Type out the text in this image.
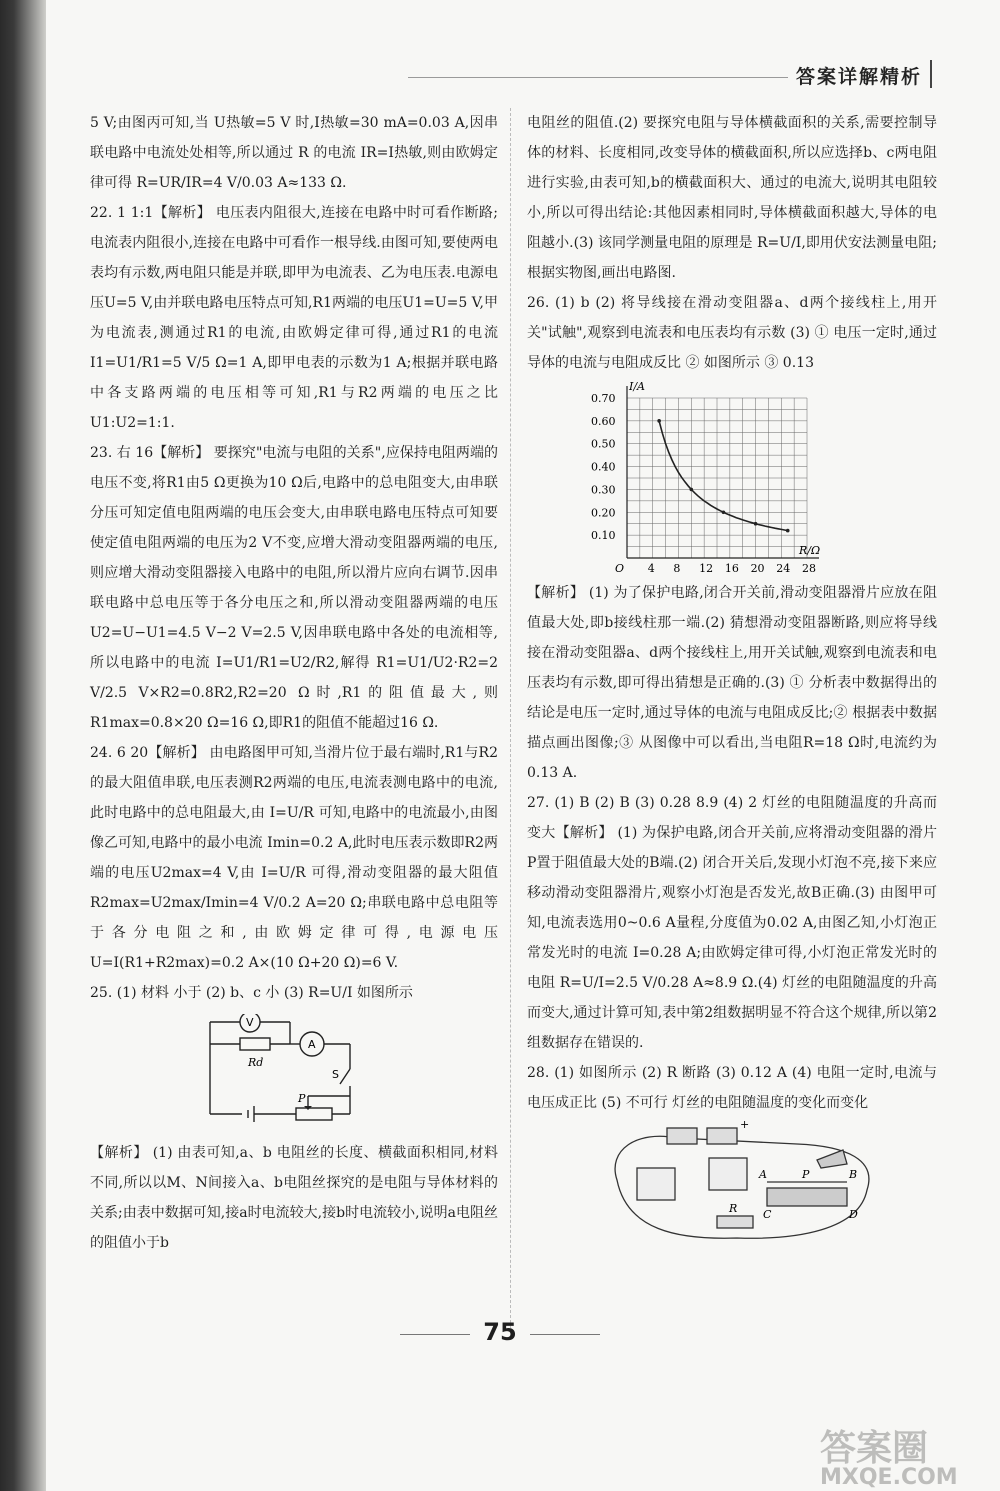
答案详解精析

5 V;由图丙可知,当 U热敏=5 V 时,I热敏=30 mA=0.03 A,因串联电路中电流处处相等,所以通过 R 的电流 IR=I热敏,则由欧姆定律可得 R=UR/IR=4 V/0.03 A≈133 Ω.

22. 1 1:1【解析】 电压表内阻很大,连接在电路中时可看作断路;电流表内阻很小,连接在电路中可看作一根导线.由图可知,要使两电表均有示数,两电阻只能是并联,即甲为电流表、乙为电压表.电源电压U=5 V,由并联电路电压特点可知,R1两端的电压U1=U=5 V,甲为电流表,测通过R1的电流,由欧姆定律可得,通过R1的电流 I1=U1/R1=5 V/5 Ω=1 A,即甲电表的示数为1 A;根据并联电路中各支路两端的电压相等可知,R1与R2两端的电压之比U1:U2=1:1.

23. 右 16【解析】 要探究"电流与电阻的关系",应保持电阻两端的电压不变,将R1由5 Ω更换为10 Ω后,电路中的总电阻变大,由串联分压可知定值电阻两端的电压会变大,由串联电路电压特点可知要使定值电阻两端的电压为2 V不变,应增大滑动变阻器两端的电压,则应增大滑动变阻器接入电路中的电阻,所以滑片应向右调节.因串联电路中总电压等于各分电压之和,所以滑动变阻器两端的电压U2=U−U1=4.5 V−2 V=2.5 V,因串联电路中各处的电流相等,所以电路中的电流 I=U1/R1=U2/R2,解得 R1=U1/U2·R2=2 V/2.5 V×R2=0.8R2,R2=20 Ω时,R1的阻值最大,则R1max=0.8×20 Ω=16 Ω,即R1的阻值不能超过16 Ω.

24. 6 20【解析】 由电路图甲可知,当滑片位于最右端时,R1与R2的最大阻值串联,电压表测R2两端的电压,电流表测电路中的电流,此时电路中的总电阻最大,由 I=U/R 可知,电路中的电流最小,由图像乙可知,电路中的最小电流 Imin=0.2 A,此时电压表示数即R2两端的电压U2max=4 V,由 I=U/R 可得,滑动变阻器的最大阻值 R2max=U2max/Imin=4 V/0.2 A=20 Ω;串联电路中总电阻等于各分电阻之和,由欧姆定律可得,电源电压U=I(R1+R2max)=0.2 A×(10 Ω+20 Ω)=6 V.

25. (1) 材料 小于 (2) b、c 小 (3) R=U/I 如图所示

V
A
Rd
S
P

【解析】 (1) 由表可知,a、b 电阻丝的长度、横截面积相同,材料不同,所以以M、N间接入a、b电阻丝探究的是电阻与导体材料的关系;由表中数据可知,接a时电流较大,接b时电流较小,说明a电阻丝的阻值小于b

电阻丝的阻值.(2) 要探究电阻与导体横截面积的关系,需要控制导体的材料、长度相同,改变导体的横截面积,所以应选择b、c两电阻进行实验,由表可知,b的横截面积大、通过的电流大,说明其电阻较小,所以可得出结论:其他因素相同时,导体横截面积越大,导体的电阻越小.(3) 该同学测量电阻的原理是 R=U/I,即用伏安法测量电阻;根据实物图,画出电路图.

26. (1) b (2) 将导线接在滑动变阻器a、d两个接线柱上,用开关"试触",观察到电流表和电压表均有示数 (3) ① 电压一定时,通过导体的电流与电阻成反比 ② 如图所示 ③ 0.13

I/A
R/Ω
O 4 8 12 16 20 24 28
0.10
0.20
0.30
0.40
0.50
0.60
0.70

【解析】 (1) 为了保护电路,闭合开关前,滑动变阻器滑片应放在阻值最大处,即b接线柱那一端.(2) 猜想滑动变阻器断路,则应将导线接在滑动变阻器a、d两个接线柱上,用开关试触,观察到电流表和电压表均有示数,即可得出猜想是正确的.(3) ① 分析表中数据得出的结论是电压一定时,通过导体的电流与电阻成反比;② 根据表中数据描点画出图像;③ 从图像中可以看出,当电阻R=18 Ω时,电流约为0.13 A.

27. (1) B (2) B (3) 0.28 8.9 (4) 2 灯丝的电阻随温度的升高而变大【解析】 (1) 为保护电路,闭合开关前,应将滑动变阻器的滑片P置于阻值最大处的B端.(2) 闭合开关后,发现小灯泡不亮,接下来应移动滑动变阻器滑片,观察小灯泡是否发光,故B正确.(3) 由图甲可知,电流表选用0~0.6 A量程,分度值为0.02 A,由图乙知,小灯泡正常发光时的电流 I=0.28 A;由欧姆定律可得,小灯泡正常发光时的电阻 R=U/I=2.5 V/0.28 A≈8.9 Ω.(4) 灯丝的电阻随温度的升高而变大,通过计算可知,表中第2组数据明显不符合这个规律,所以第2组数据存在错误的.

28. (1) 如图所示 (2) R 断路 (3) 0.12 A (4) 电阻一定时,电流与电压成正比 (5) 不可行 灯丝的电阻随温度的变化而变化

+
A	P	B
C	D
R
75
答案圈
MXQE.COM
